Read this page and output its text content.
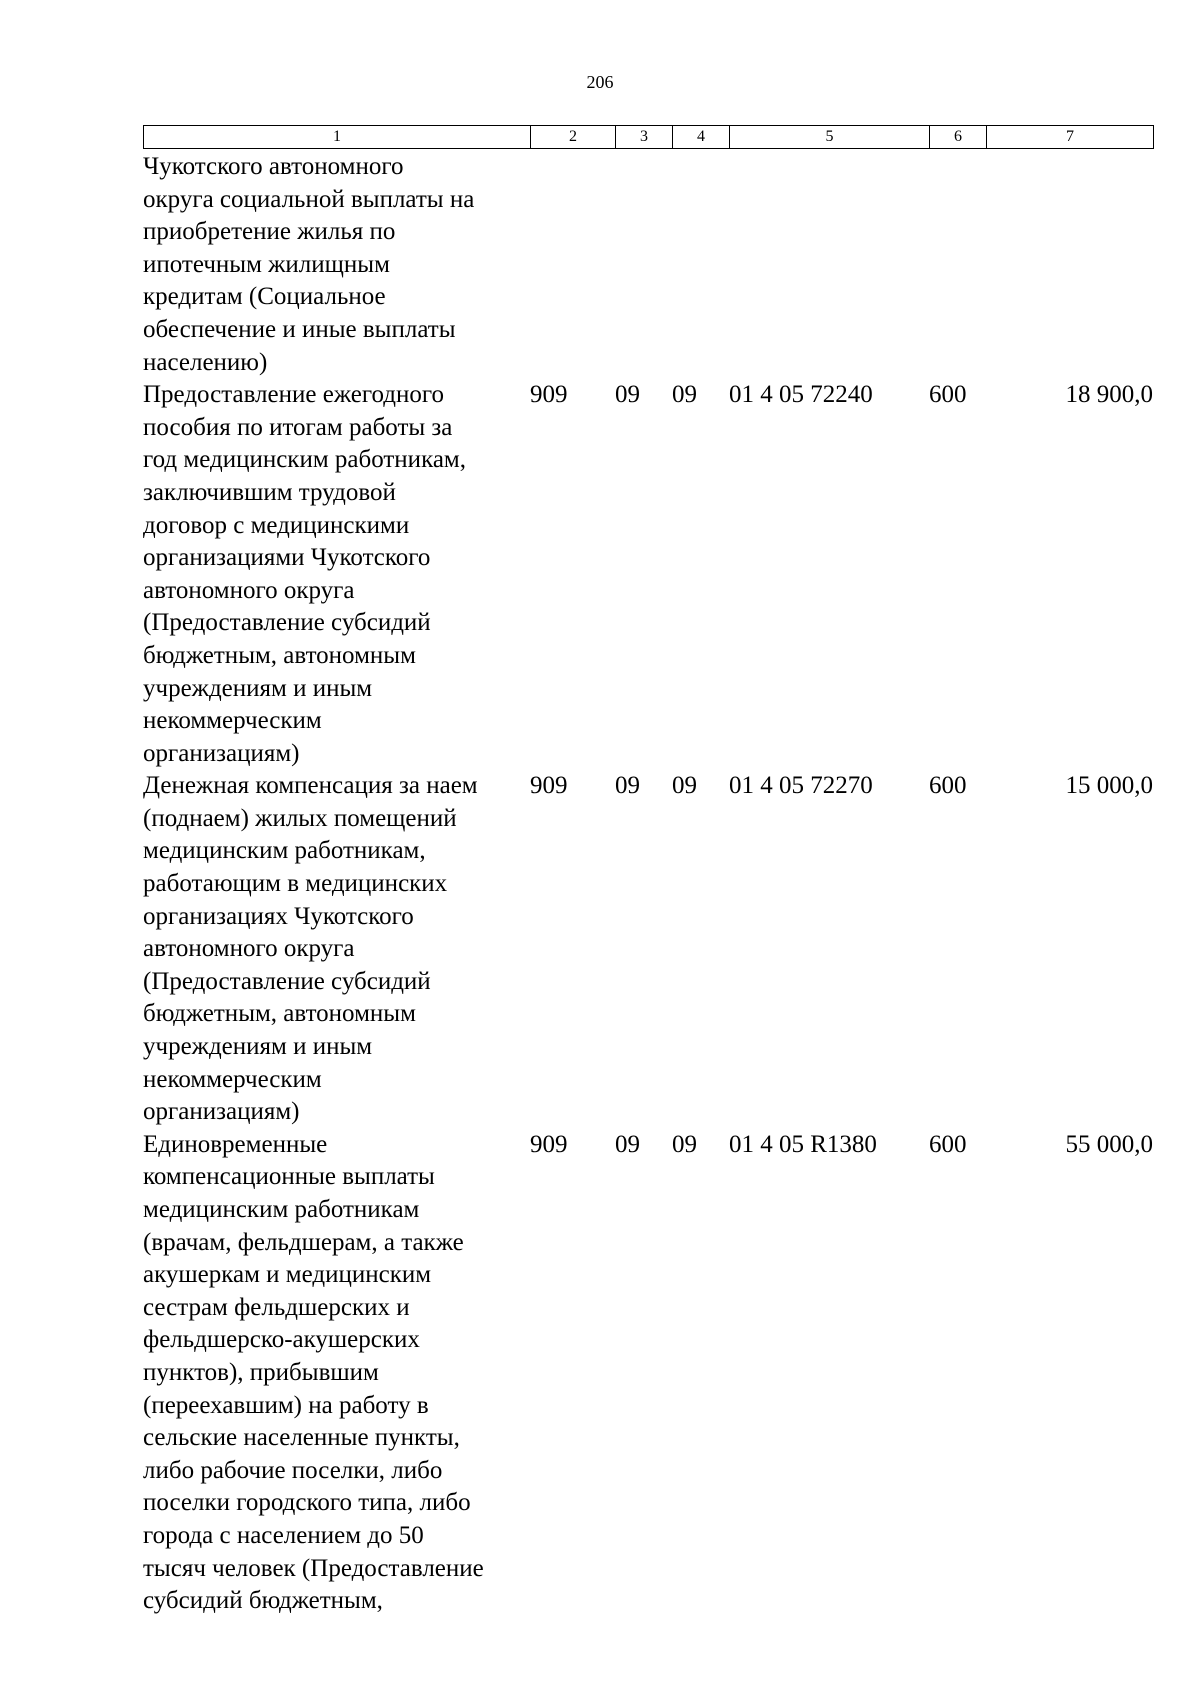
206
1	2	3	4	5	6	7
Чукотского автономного
округа социальной выплаты на
приобретение жилья по
ипотечным жилищным
кредитам (Социальное
обеспечение и иные выплаты
населению)
Предоставление ежегодного
пособия по итогам работы за
год медицинским работникам,
заключившим трудовой
договор с медицинскими
организациями Чукотского
автономного округа
(Предоставление субсидий
бюджетным, автономным
учреждениям и иным
некоммерческим
организациям)
909	09	09	01 4 05 72240	600	18 900,0
Денежная компенсация за наем
(поднаем) жилых помещений
медицинским работникам,
работающим в медицинских
организациях Чукотского
автономного округа
(Предоставление субсидий
бюджетным, автономным
учреждениям и иным
некоммерческим
организациям)
909	09	09	01 4 05 72270	600	15 000,0
Единовременные
компенсационные выплаты
медицинским работникам
(врачам, фельдшерам, а также
акушеркам и медицинским
сестрам фельдшерских и
фельдшерско-акушерских
пунктов), прибывшим
(переехавшим) на работу в
сельские населенные пункты,
либо рабочие поселки, либо
поселки городского типа, либо
города с населением до 50
тысяч человек (Предоставление
субсидий бюджетным,
909	09	09	01 4 05 R1380	600	55 000,0
